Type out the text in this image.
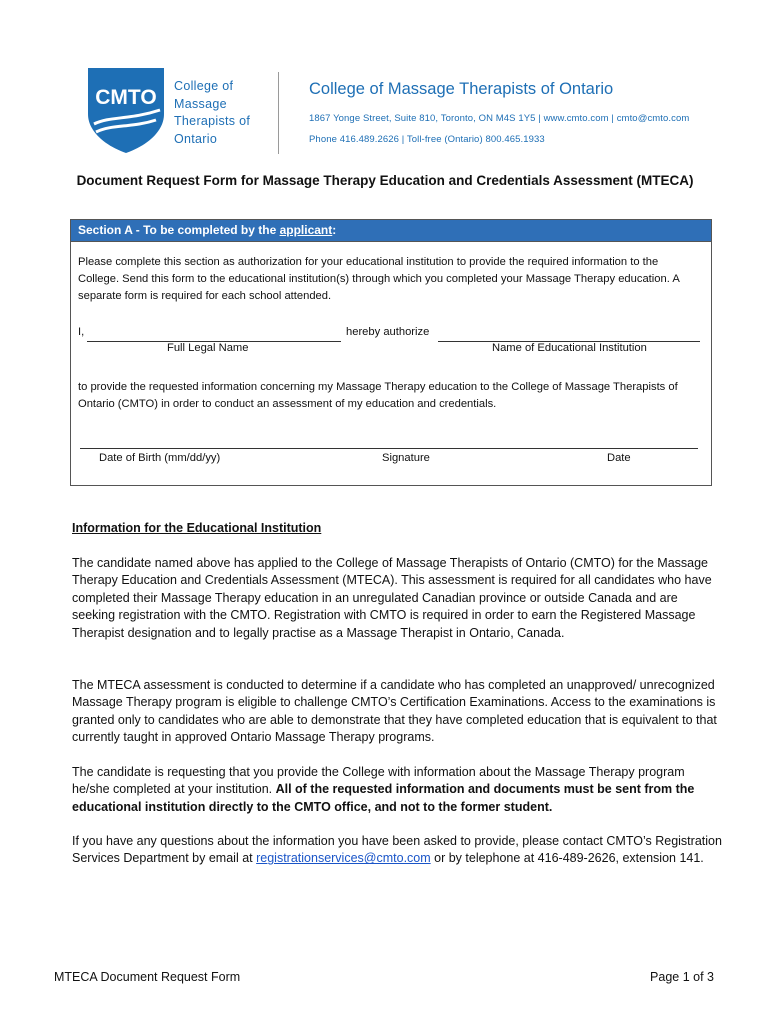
CMTO College of
Massage
Therapists of
Ontario
College of Massage Therapists of Ontario
1867 Yonge Street, Suite 810, Toronto, ON M4S 1Y5 | www.cmto.com | cmto@cmto.com
Phone 416.489.2626 | Toll-free (Ontario) 800.465.1933
Document Request Form for Massage Therapy Education and Credentials Assessment (MTECA)
Section A - To be completed by the applicant:
Please complete this section as authorization for your educational institution to provide the required information to the College. Send this form to the educational institution(s) through which you completed your Massage Therapy education. A separate form is required for each school attended.
I,	hereby authorize
Full Legal Name	Name of Educational Institution
to provide the requested information concerning my Massage Therapy education to the College of Massage Therapists of Ontario (CMTO) in order to conduct an assessment of my education and credentials.
Date of Birth (mm/dd/yy)	Signature	Date
Information for the Educational Institution
The candidate named above has applied to the College of Massage Therapists of Ontario (CMTO) for the Massage Therapy Education and Credentials Assessment (MTECA). This assessment is required for all candidates who have completed their Massage Therapy education in an unregulated Canadian province or outside Canada and are seeking registration with the CMTO. Registration with CMTO is required in order to earn the Registered Massage Therapist designation and to legally practise as a Massage Therapist in Ontario, Canada.
The MTECA assessment is conducted to determine if a candidate who has completed an unapproved/ unrecognized Massage Therapy program is eligible to challenge CMTO’s Certification Examinations. Access to the examinations is granted only to candidates who are able to demonstrate that they have completed education that is equivalent to that currently taught in approved Ontario Massage Therapy programs.
The candidate is requesting that you provide the College with information about the Massage Therapy program he/she completed at your institution. All of the requested information and documents must be sent from the educational institution directly to the CMTO office, and not to the former student.
If you have any questions about the information you have been asked to provide, please contact CMTO’s Registration Services Department by email at registrationservices@cmto.com or by telephone at 416-489-2626, extension 141.
MTECA Document Request Form	Page 1 of 3
